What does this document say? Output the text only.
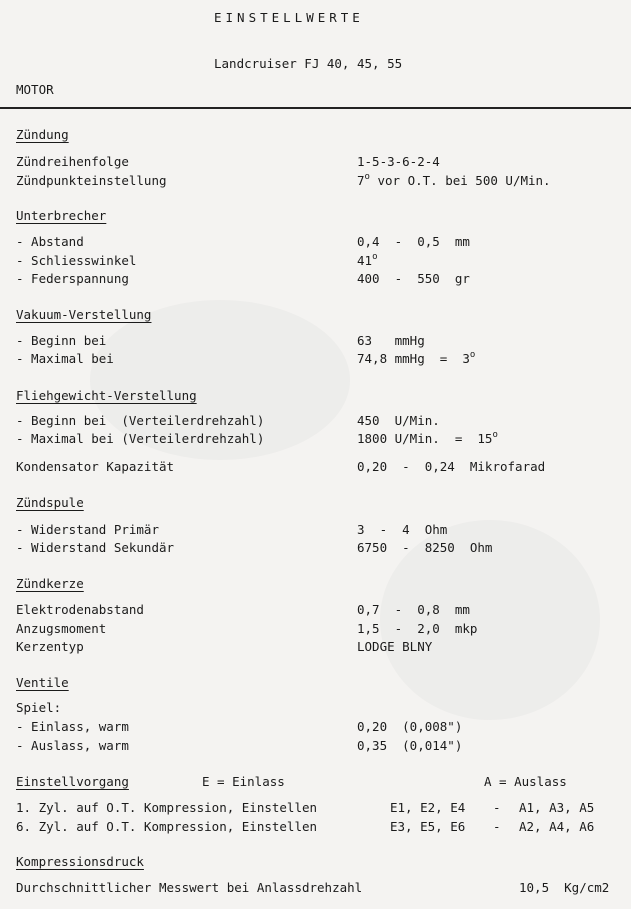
EINSTELLWERTE
Landcruiser FJ 40, 45, 55
MOTOR
Zündung
Zündreihenfolge	1-5-3-6-2-4
Zündpunkteinstellung	7$^o$ vor O.T. bei 500 U/Min.
Unterbrecher
- Abstand	0,4  -  0,5  mm
- Schliesswinkel	41$^o$
- Federspannung	400  -  550  gr
Vakuum-Verstellung
- Beginn bei	63   mmHg
- Maximal bei	74,8 mmHg  =  3$^o$
Fliehgewicht-Verstellung
- Beginn bei  (Verteilerdrehzahl)	450  U/Min.
- Maximal bei (Verteilerdrehzahl)	1800 U/Min.  =  15$^o$
Kondensator Kapazität	0,20  -  0,24  Mikrofarad
Zündspule
- Widerstand Primär	3  -  4  Ohm
- Widerstand Sekundär	6750  -  8250  Ohm
Zündkerze
Elektrodenabstand	0,7  -  0,8  mm
Anzugsmoment	1,5  -  2,0  mkp
Kerzentyp	LODGE BLNY
Ventile
Spiel:
- Einlass, warm	0,20  (0,008")
- Auslass, warm	0,35  (0,014")
Einstellvorgang	E = Einlass	A = Auslass
1. Zyl. auf O.T. Kompression, Einstellen	E1, E2, E4 - A1, A3, A5
6. Zyl. auf O.T. Kompression, Einstellen	E3, E5, E6 - A2, A4, A6
Kompressionsdruck
Durchschnittlicher Messwert bei Anlassdrehzahl	10,5  Kg/cm2
